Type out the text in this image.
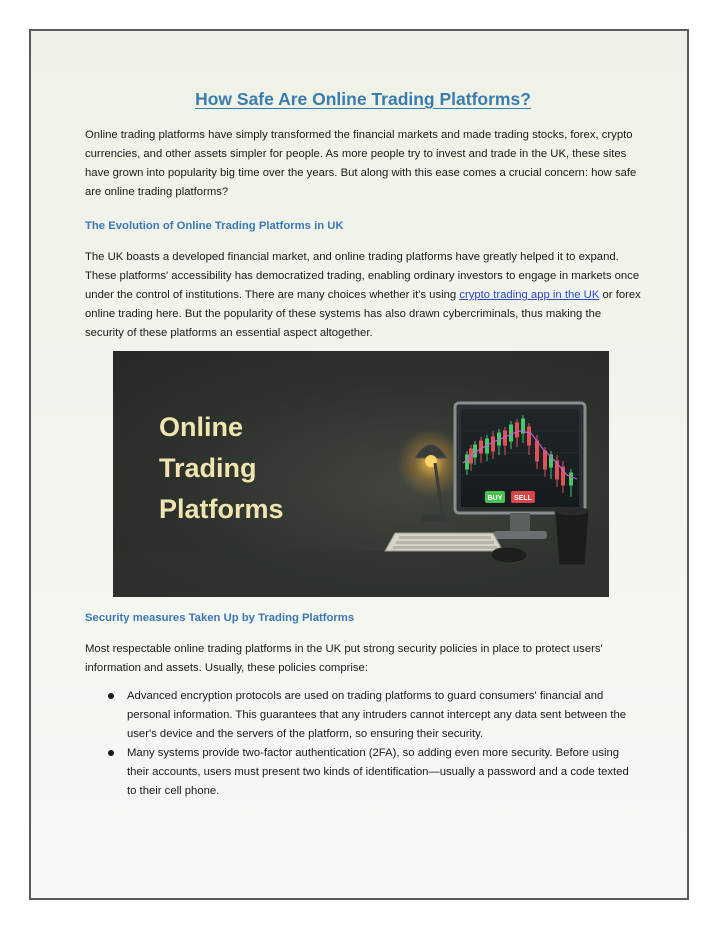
How Safe Are Online Trading Platforms?

Online trading platforms have simply transformed the financial markets and made trading stocks, forex, crypto currencies, and other assets simpler for people. As more people try to invest and trade in the UK, these sites have grown into popularity big time over the years. But along with this ease comes a crucial concern: how safe are online trading platforms?

The Evolution of Online Trading Platforms in UK

The UK boasts a developed financial market, and online trading platforms have greatly helped it to expand. These platforms' accessibility has democratized trading, enabling ordinary investors to engage in markets once under the control of institutions. There are many choices whether it's using crypto trading app in the UK or forex online trading here. But the popularity of these systems has also drawn cybercriminals, thus making the security of these platforms an essential aspect altogether.

Online
Trading
Platforms	BUY SELL
Security measures Taken Up by Trading Platforms

Most respectable online trading platforms in the UK put strong security policies in place to protect users' information and assets. Usually, these policies comprise:

Advanced encryption protocols are used on trading platforms to guard consumers' financial and personal information. This guarantees that any intruders cannot intercept any data sent between the user's device and the servers of the platform, so ensuring their security.
Many systems provide two-factor authentication (2FA), so adding even more security. Before using their accounts, users must present two kinds of identification—usually a password and a code texted to their cell phone.
